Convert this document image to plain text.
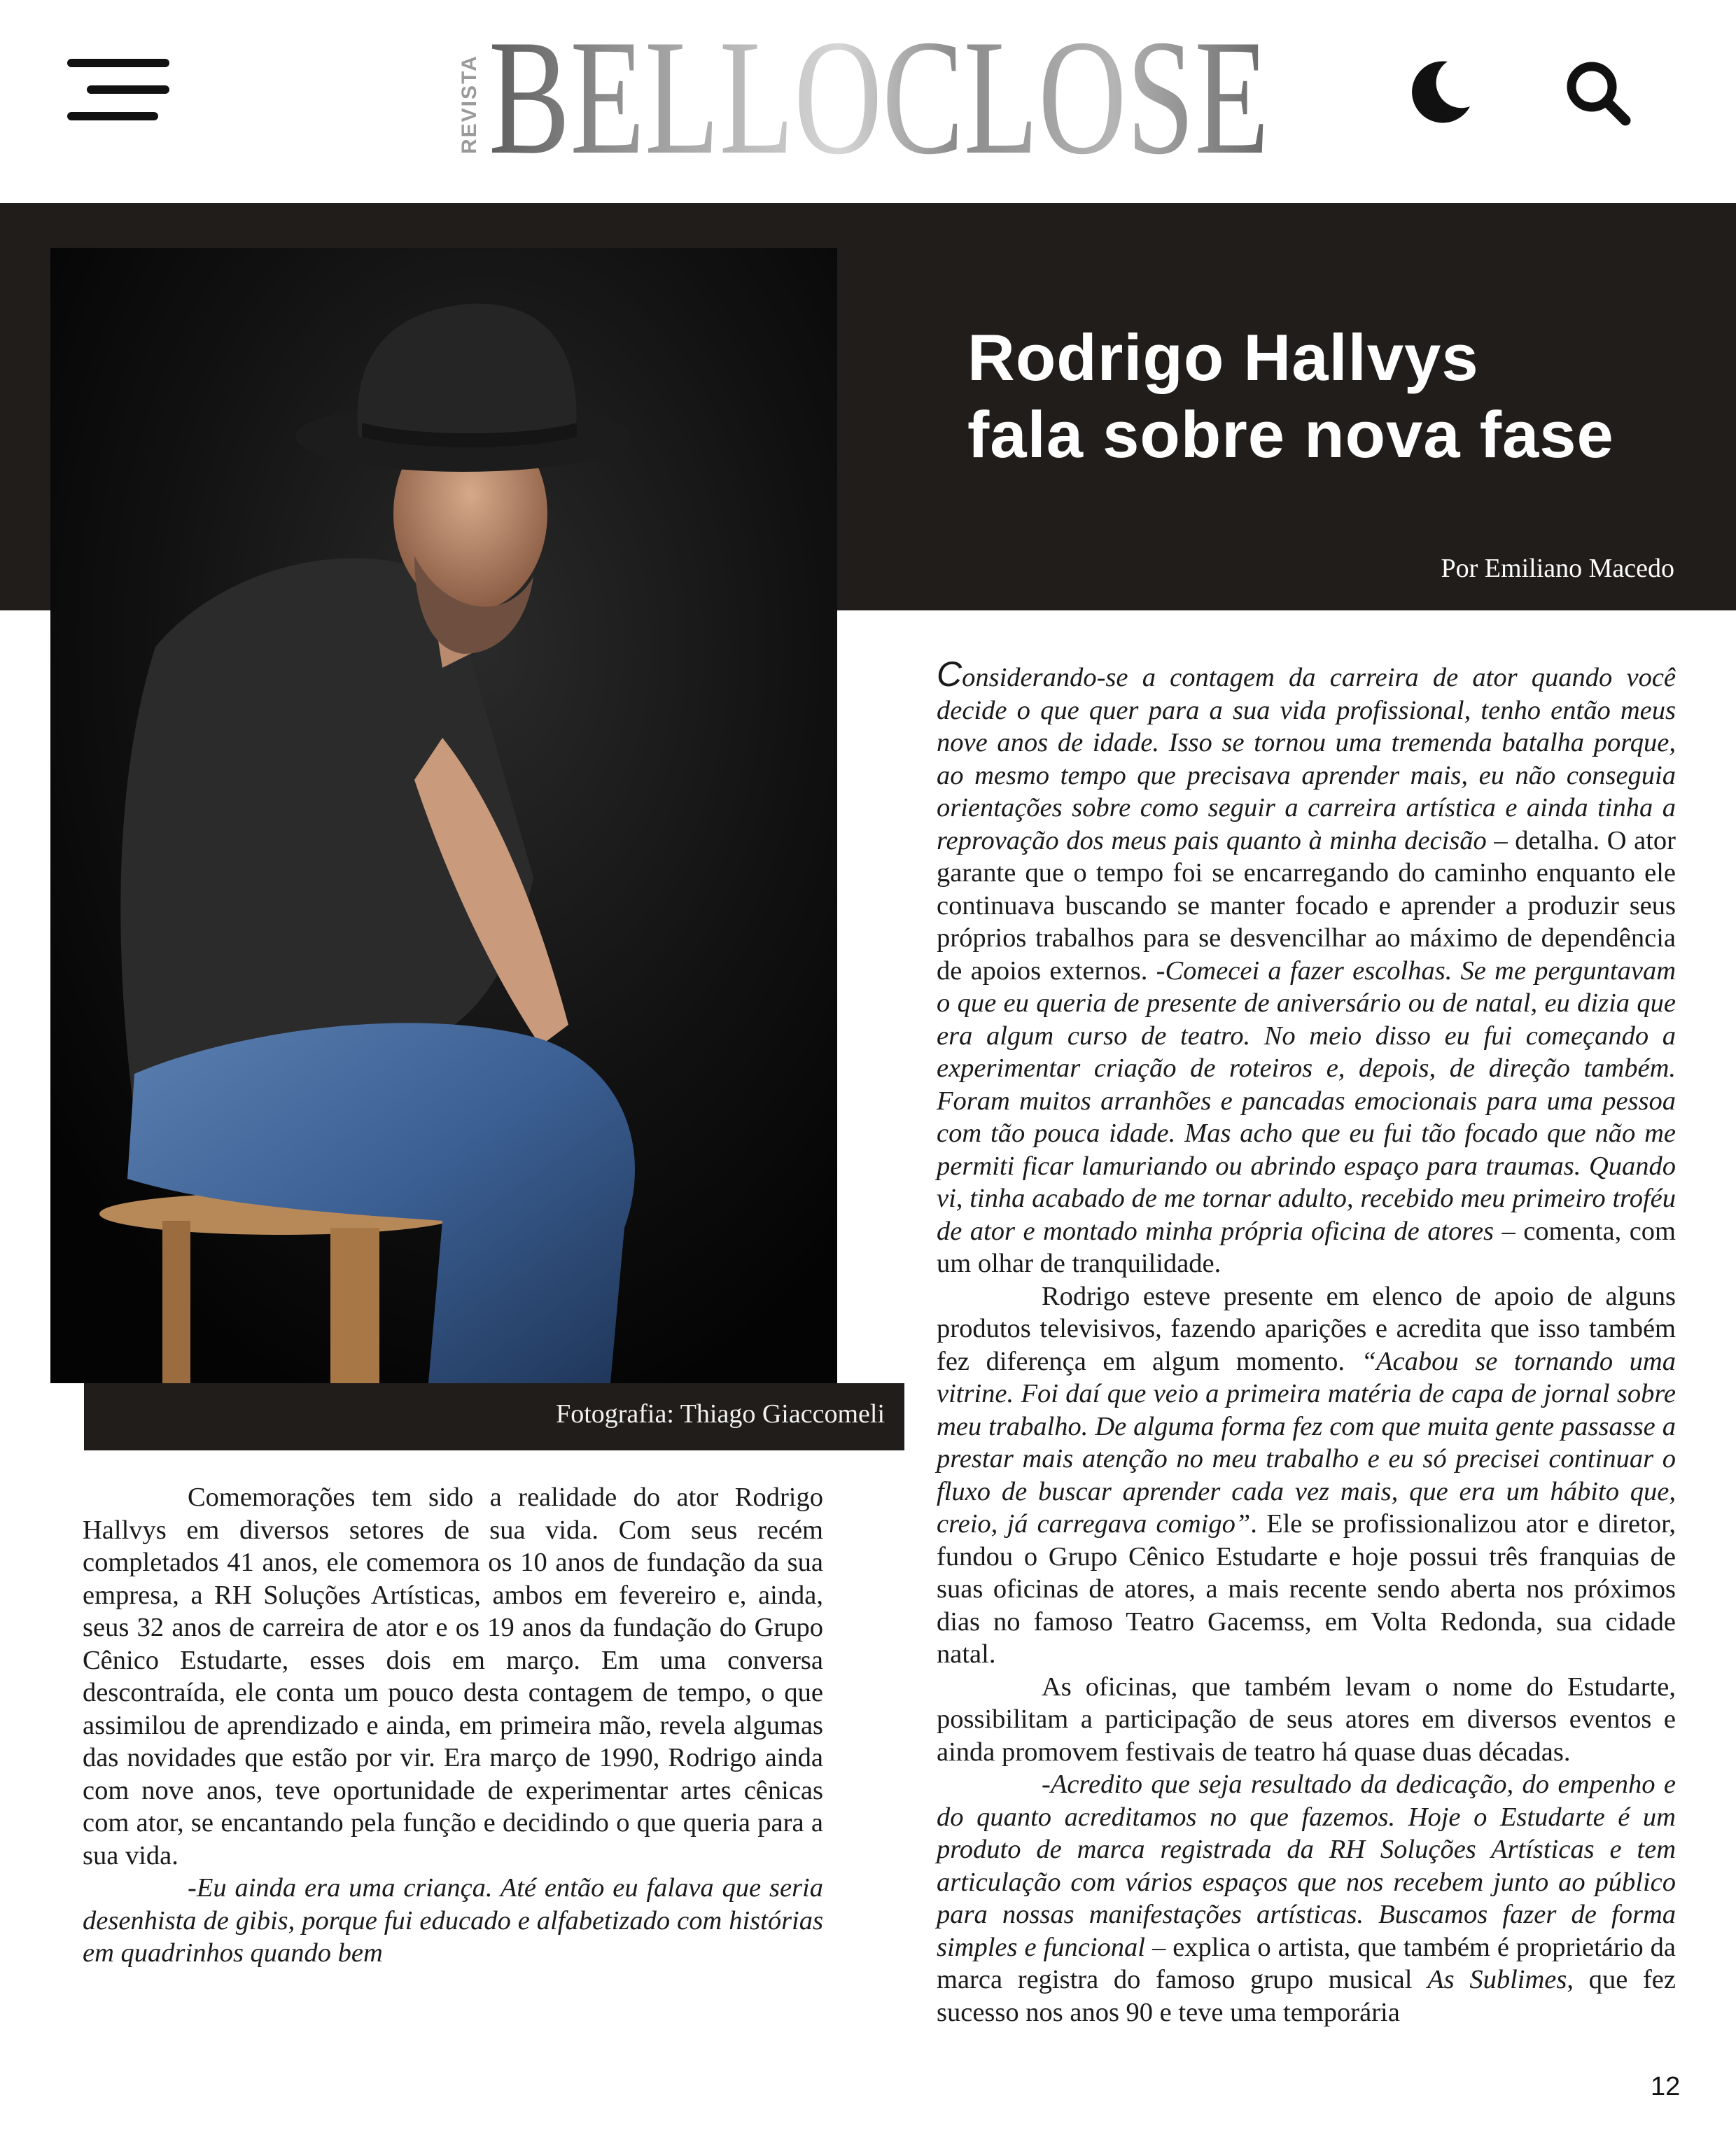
REVISTA BELLOCLOSE
Rodrigo Hallvys
fala sobre nova fase
Por Emiliano Macedo
Fotografia: Thiago Giaccomeli

Comemorações tem sido a realidade do ator Rodrigo Hallvys em diversos setores de sua vida. Com seus recém completados 41 anos, ele comemora os 10 anos de fundação da sua empresa, a RH Soluções Artísticas, ambos em fevereiro e, ainda, seus 32 anos de carreira de ator e os 19 anos da fundação do Grupo Cênico Estudarte, esses dois em março. Em uma conversa descontraída, ele conta um pouco desta contagem de tempo, o que assimilou de aprendizado e ainda, em primeira mão, revela algumas das novidades que estão por vir. Era março de 1990, Rodrigo ainda com nove anos, teve oportunidade de experimentar artes cênicas com ator, se encantando pela função e decidindo o que queria para a sua vida.

-Eu ainda era uma criança. Até então eu falava que seria desenhista de gibis, porque fui educado e alfabetizado com histórias em quadrinhos quando bem

Considerando-se a contagem da carreira de ator quando você decide o que quer para a sua vida profissional, tenho então meus nove anos de idade. Isso se tornou uma tremenda batalha porque, ao mesmo tempo que precisava aprender mais, eu não conseguia orientações sobre como seguir a carreira artística e ainda tinha a reprovação dos meus pais quanto à minha decisão – detalha. O ator garante que o tempo foi se encarregando do caminho enquanto ele continuava buscando se manter focado e aprender a produzir seus próprios trabalhos para se desvencilhar ao máximo de dependência de apoios externos. -Comecei a fazer escolhas. Se me perguntavam o que eu queria de presente de aniversário ou de natal, eu dizia que era algum curso de teatro. No meio disso eu fui começando a experimentar criação de roteiros e, depois, de direção também. Foram muitos arranhões e pancadas emocionais para uma pessoa com tão pouca idade. Mas acho que eu fui tão focado que não me permiti ficar lamuriando ou abrindo espaço para traumas. Quando vi, tinha acabado de me tornar adulto, recebido meu primeiro troféu de ator e montado minha própria oficina de atores – comenta, com um olhar de tranquilidade.

Rodrigo esteve presente em elenco de apoio de alguns produtos televisivos, fazendo aparições e acredita que isso também fez diferença em algum momento. “Acabou se tornando uma vitrine. Foi daí que veio a primeira matéria de capa de jornal sobre meu trabalho. De alguma forma fez com que muita gente passasse a prestar mais atenção no meu trabalho e eu só precisei continuar o fluxo de buscar aprender cada vez mais, que era um hábito que, creio, já carregava comigo”. Ele se profissionalizou ator e diretor, fundou o Grupo Cênico Estudarte e hoje possui três franquias de suas oficinas de atores, a mais recente sendo aberta nos próximos dias no famoso Teatro Gacemss, em Volta Redonda, sua cidade natal.

As oficinas, que também levam o nome do Estudarte, possibilitam a participação de seus atores em diversos eventos e ainda promovem festivais de teatro há quase duas décadas.

-Acredito que seja resultado da dedicação, do empenho e do quanto acreditamos no que fazemos. Hoje o Estudarte é um produto de marca registrada da RH Soluções Artísticas e tem articulação com vários espaços que nos recebem junto ao público para nossas manifestações artísticas. Buscamos fazer de forma simples e funcional – explica o artista, que também é proprietário da marca registra do famoso grupo musical As Sublimes, que fez sucesso nos anos 90 e teve uma temporária

12
